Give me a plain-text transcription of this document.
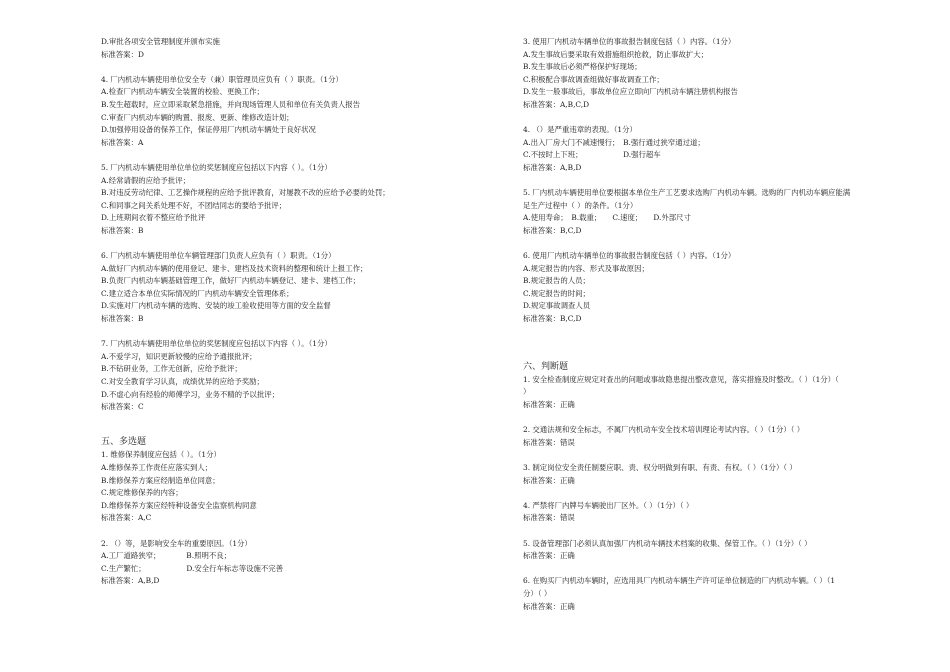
D.审批各项安全管理制度并颁布实施
标准答案：D
4. 厂内机动车辆使用单位安全专（兼）职管理员应负有（ ）职责。（1分）
A.检查厂内机动车辆安全装置的校验、更换工作；
B.发生超载时，应立即采取紧急措施，并向现场管理人员和单位有关负责人报告
C.审查厂内机动车辆的购置、报废、更新、维修改造计划；
D.加强停用设备的保养工作，保证停用厂内机动车辆处于良好状况
标准答案：A
5. 厂内机动车辆使用单位单位的奖惩制度应包括以下内容（ ）。（1分）
A.经常请假的应给予批评；
B.对违反劳动纪律、工艺操作规程的应给予批评教育，对屡教不改的应给予必要的处罚；
C.和同事之间关系处理不好，不团结同志的要给予批评；
D.上班期间衣着不整应给予批评
标准答案：B
6. 厂内机动车辆使用单位车辆管理部门负责人应负有（ ）职责。（1分）
A.做好厂内机动车辆的使用登记、建卡、建档及技术资料的整理和统计上报工作；
B.负责厂内机动车辆基础管理工作，做好厂内机动车辆登记、建卡、建档工作；
C.建立适合本单位实际情况的厂内机动车辆安全管理体系；
D.实施对厂内机动车辆的选购、安装的竣工验收使用等方面的安全监督
标准答案：B
7. 厂内机动车辆使用单位单位的奖惩制度应包括以下内容（ ）。（1分）
A.不爱学习，知识更新较慢的应给予通报批评；
B.不钻研业务，工作无创新，应给予批评；
C.对安全教育学习认真，成绩优异的应给予奖励；
D.不虚心向有经验的师傅学习，业务不精的予以批评；
标准答案：C
五、多选题
1. 维修保养制度应包括（ ）。（1分）
A.维修保养工作责任应落实到人；
B.维修保养方案应经制造单位同意；
C.规定维修保养的内容；
D.维修保养方案应经特种设备安全监察机构同意
标准答案：A,C
2. （）等，是影响安全车的重要原因。（1分）
A.工厂道路狭窄；　　　　B.照明不良；
C.生产繁忙；　　　　　　D.安全行车标志等设施不完善
标准答案：A,B,D
3. 使用厂内机动车辆单位的事故报告制度包括（ ）内容。（1分）
A.发生事故后要采取有效措施组织抢救，防止事故扩大；
B.发生事故后必须严格保护好现场；
C.积极配合事故调查组做好事故调查工作；
D.发生一般事故后，事故单位应立即向厂内机动车辆注册机构报告
标准答案：A,B,C,D
4. （）是严重违章的表现。（1分）
A.出入厂房大门不减速慢行；　B.强行通过狭窄通过道；
C.不按时上下班；　　　　　　D.强行超车
标准答案：A,B,D
5. 厂内机动车辆使用单位要根据本单位生产工艺要求选购厂内机动车辆。选购的厂内机动车辆应能满
足生产过程中（ ）的条件。（1分）
A.使用寿命；　B.载重；　　C.速度；　　D.外部尺寸
标准答案：B,C,D
6. 使用厂内机动车辆单位的事故报告制度包括（ ）内容。（1分）
A.规定报告的内容、形式及事故原因；
B.规定报告的人员；
C.规定报告的时间；
D.规定事故调查人员
标准答案：B,C,D
六、判断题
1. 安全检查制度应规定对查出的问题或事故隐患提出整改意见，落实措施及时整改。（ ）（1分）（
）
标准答案：正确
2. 交通法规和安全标志，不属厂内机动车安全技术培训理论考试内容。（ ）（1分）（ ）
标准答案：错误
3. 制定岗位安全责任制要应职、责、权分明做到有职、有责、有权。（ ）（1分）（ ）
标准答案：正确
4. 严禁将厂内牌号车辆驶出厂区外。（ ）（1分）（ ）
标准答案：错误
5. 设备管理部门必须认真加强厂内机动车辆技术档案的收集、保管工作。（ ）（1分）（ ）
标准答案：正确
6. 在购买厂内机动车辆时，应选用具厂内机动车辆生产许可证单位制造的厂内机动车辆。（ ）（1
分）（ ）
标准答案：正确
